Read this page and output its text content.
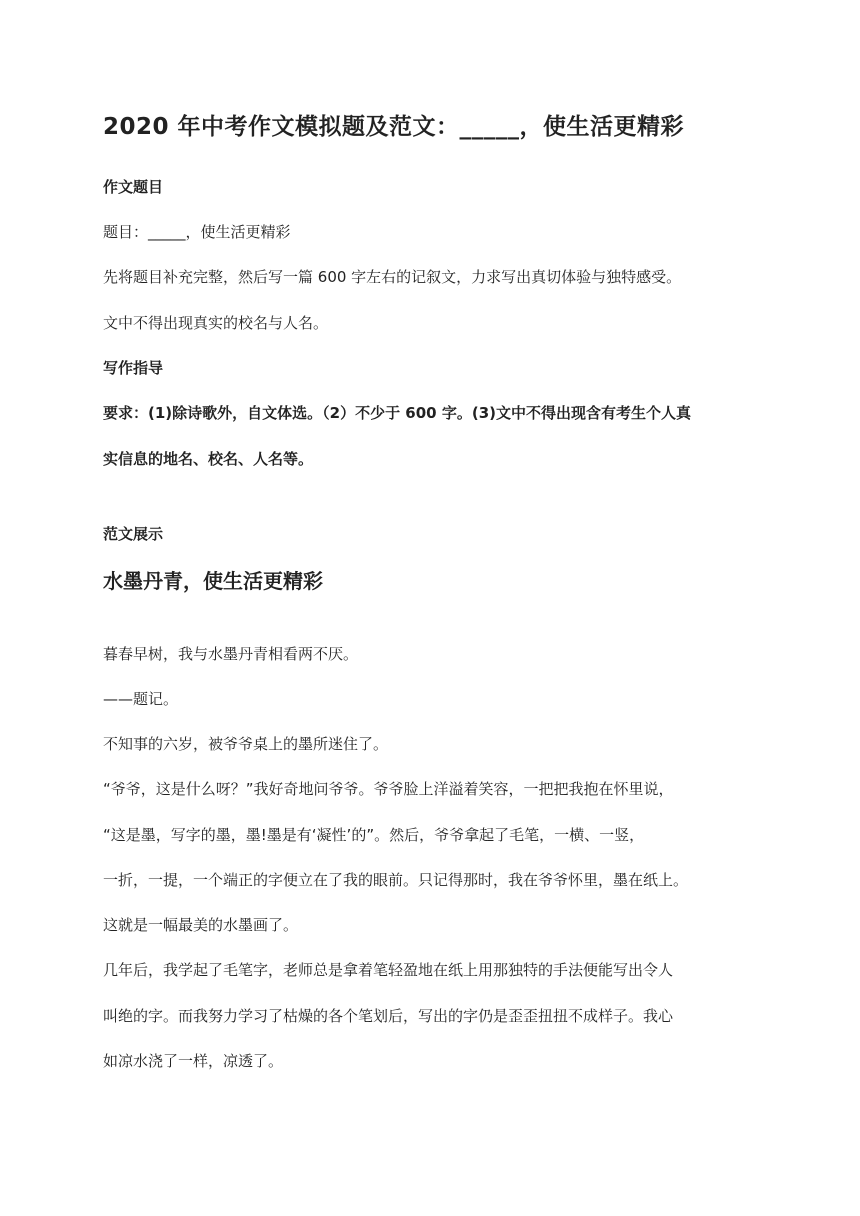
2020 年中考作文模拟题及范文：_____，使生活更精彩
作文题目
题目：_____，使生活更精彩
先将题目补充完整，然后写一篇 600 字左右的记叙文，力求写出真切体验与独特感受。
文中不得出现真实的校名与人名。
写作指导
要求：(1)除诗歌外，自文体选。（2）不少于 600 字。(3)文中不得出现含有考生个人真
实信息的地名、校名、人名等。
范文展示
水墨丹青，使生活更精彩
暮春早树，我与水墨丹青相看两不厌。
——题记。
不知事的六岁，被爷爷桌上的墨所迷住了。
“爷爷，这是什么呀？”我好奇地问爷爷。爷爷脸上洋溢着笑容，一把把我抱在怀里说，
“这是墨，写字的墨，墨!墨是有‘凝性’的”。然后，爷爷拿起了毛笔，一横、一竖，
一折，一提，一个端正的字便立在了我的眼前。只记得那时，我在爷爷怀里，墨在纸上。
这就是一幅最美的水墨画了。
几年后，我学起了毛笔字，老师总是拿着笔轻盈地在纸上用那独特的手法便能写出令人
叫绝的字。而我努力学习了枯燥的各个笔划后，写出的字仍是歪歪扭扭不成样子。我心
如凉水浇了一样，凉透了。
